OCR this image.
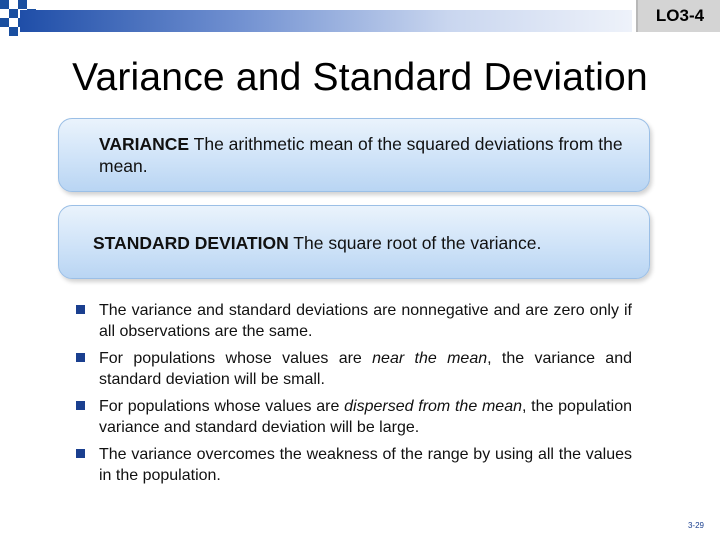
LO3-4
Variance and Standard Deviation
VARIANCE The arithmetic mean of the squared deviations from the mean.
STANDARD DEVIATION The square root of the variance.
The variance and standard deviations are nonnegative and are zero only if all observations are the same.
For populations whose values are near the mean, the variance and standard deviation will be small.
For populations whose values are dispersed from the mean, the population variance and standard deviation will be large.
The variance overcomes the weakness of the range by using all the values in the population.
3-29
